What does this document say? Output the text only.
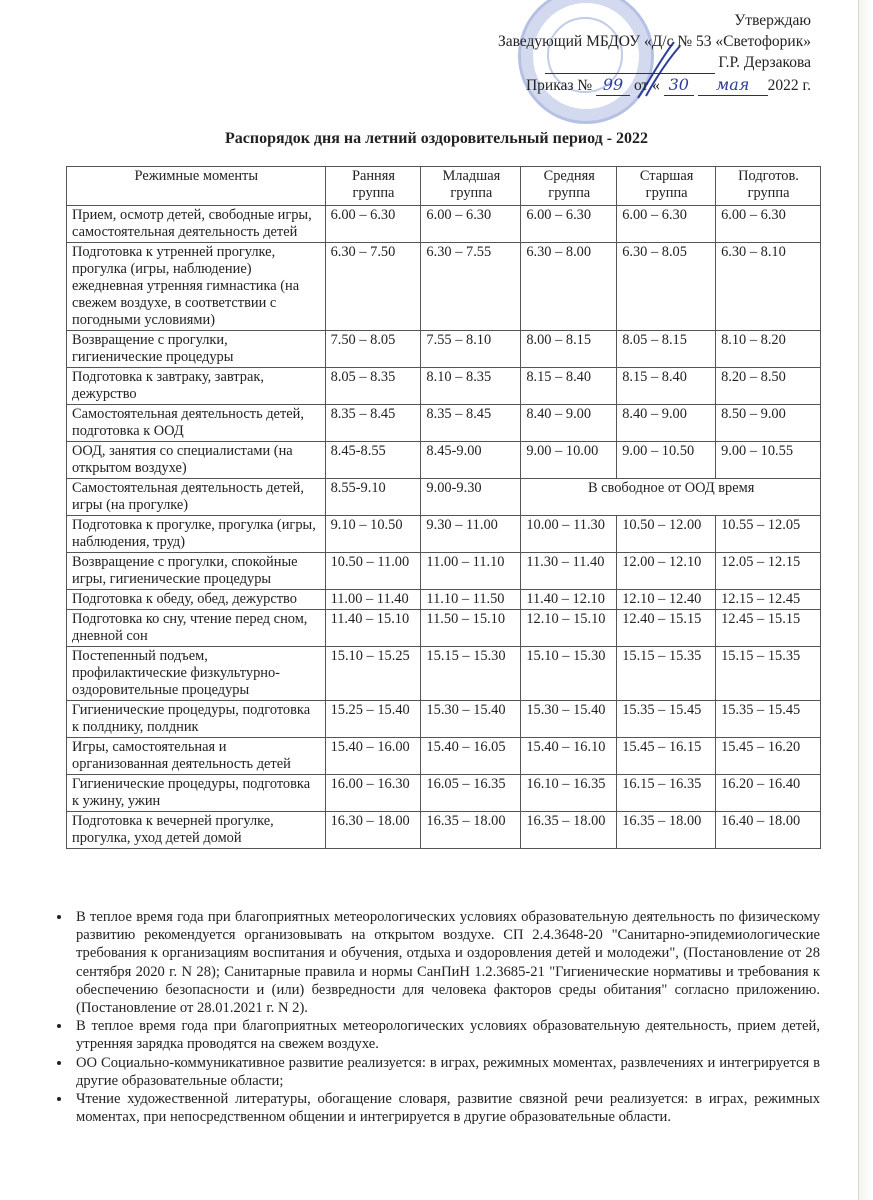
Утверждаю
Заведующий МБДОУ «Д/с № 53 «Светофорик»
Г.Р. Дерзакова
Приказ № 99 от « 30 мая 2022 г.
Распорядок дня на летний оздоровительный период - 2022
Режимные моменты	Ранняя группа	Младшая группа	Средняя группа	Старшая группа	Подготов. группа
Прием, осмотр детей, свободные игры, самостоятельная деятельность детей	6.00 – 6.30	6.00 – 6.30	6.00 – 6.30	6.00 – 6.30	6.00 – 6.30
Подготовка к утренней прогулке, прогулка (игры, наблюдение) ежедневная утренняя гимнастика (на свежем воздухе, в соответствии с погодными условиями)	6.30 – 7.50	6.30 – 7.55	6.30 – 8.00	6.30 – 8.05	6.30 – 8.10
Возвращение с прогулки, гигиенические процедуры	7.50 – 8.05	7.55 – 8.10	8.00 – 8.15	8.05 – 8.15	8.10 – 8.20
Подготовка к завтраку, завтрак, дежурство	8.05 – 8.35	8.10 – 8.35	8.15 – 8.40	8.15 – 8.40	8.20 – 8.50
Самостоятельная деятельность детей, подготовка к ООД	8.35 – 8.45	8.35 – 8.45	8.40 – 9.00	8.40 – 9.00	8.50 – 9.00
ООД, занятия со специалистами (на открытом воздухе)	8.45-8.55	8.45-9.00	9.00 – 10.00	9.00 – 10.50	9.00 – 10.55
Самостоятельная деятельность детей, игры (на прогулке)	8.55-9.10	9.00-9.30	В свободное от ООД время		
Подготовка к прогулке, прогулка (игры, наблюдения, труд)	9.10 – 10.50	9.30 – 11.00	10.00 – 11.30	10.50 – 12.00	10.55 – 12.05
Возвращение с прогулки, спокойные игры, гигиенические процедуры	10.50 – 11.00	11.00 – 11.10	11.30 – 11.40	12.00 – 12.10	12.05 – 12.15
Подготовка к обеду, обед, дежурство	11.00 – 11.40	11.10 – 11.50	11.40 – 12.10	12.10 – 12.40	12.15 – 12.45
Подготовка ко сну, чтение перед сном, дневной сон	11.40 – 15.10	11.50 – 15.10	12.10 – 15.10	12.40 – 15.15	12.45 – 15.15
Постепенный подъем, профилактические физкультурно-оздоровительные процедуры	15.10 – 15.25	15.15 – 15.30	15.10 – 15.30	15.15 – 15.35	15.15 – 15.35
Гигиенические процедуры, подготовка к полднику, полдник	15.25 – 15.40	15.30 – 15.40	15.30 – 15.40	15.35 – 15.45	15.35 – 15.45
Игры, самостоятельная и организованная деятельность детей	15.40 – 16.00	15.40 – 16.05	15.40 – 16.10	15.45 – 16.15	15.45 – 16.20
Гигиенические процедуры, подготовка к ужину, ужин	16.00 – 16.30	16.05 – 16.35	16.10 – 16.35	16.15 – 16.35	16.20 – 16.40
Подготовка к вечерней прогулке, прогулка, уход детей домой	16.30 – 18.00	16.35 – 18.00	16.35 – 18.00	16.35 – 18.00	16.40 – 18.00
• В теплое время года при благоприятных метеорологических условиях образовательную деятельность по физическому развитию рекомендуется организовывать на открытом воздухе. СП 2.4.3648-20 "Санитарно-эпидемиологические требования к организациям воспитания и обучения, отдыха и оздоровления детей и молодежи", (Постановление от 28 сентября 2020 г. N 28); Санитарные правила и нормы СанПиН 1.2.3685-21 "Гигиенические нормативы и требования к обеспечению безопасности и (или) безвредности для человека факторов среды обитания" согласно приложению. (Постановление от 28.01.2021 г. N 2).
• В теплое время года при благоприятных метеорологических условиях образовательную деятельность, прием детей, утренняя зарядка проводятся на свежем воздухе.
• ОО Социально-коммуникативное развитие реализуется: в играх, режимных моментах, развлечениях и интегрируется в другие образовательные области;
• Чтение художественной литературы, обогащение словаря, развитие связной речи реализуется: в играх, режимных моментах, при непосредственном общении и интегрируется в другие образовательные области.
